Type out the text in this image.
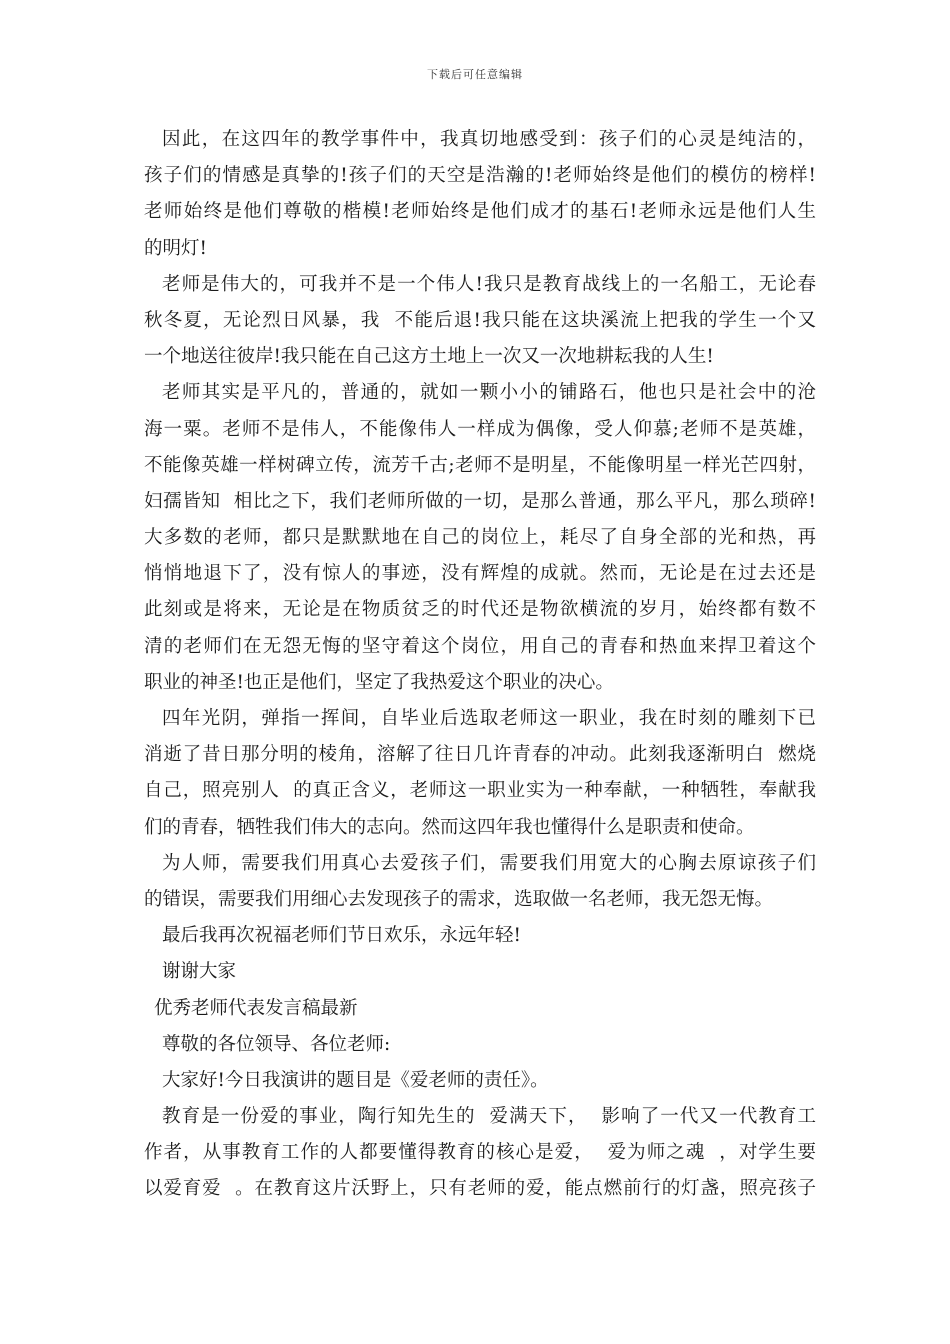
下载后可任意编辑
因此，在这四年的教学事件中，我真切地感受到：孩子们的心灵是纯洁的，
孩子们的情感是真挚的!孩子们的天空是浩瀚的!老师始终是他们的模仿的榜样!
老师始终是他们尊敬的楷模!老师始终是他们成才的基石!老师永远是他们人生
的明灯!
老师是伟大的，可我并不是一个伟人!我只是教育战线上的一名船工，无论春
秋冬夏，无论烈日风暴，我  不能后退!我只能在这块溪流上把我的学生一个又
一个地送往彼岸!我只能在自己这方土地上一次又一次地耕耘我的人生!
老师其实是平凡的，普通的，就如一颗小小的铺路石，他也只是社会中的沧
海一粟。老师不是伟人，不能像伟人一样成为偶像，受人仰慕;老师不是英雄，
不能像英雄一样树碑立传，流芳千古;老师不是明星，不能像明星一样光芒四射，
妇孺皆知  相比之下，我们老师所做的一切，是那么普通，那么平凡，那么琐碎!
大多数的老师，都只是默默地在自己的岗位上，耗尽了自身全部的光和热，再
悄悄地退下了，没有惊人的事迹，没有辉煌的成就。然而，无论是在过去还是
此刻或是将来，无论是在物质贫乏的时代还是物欲横流的岁月，始终都有数不
清的老师们在无怨无悔的坚守着这个岗位，用自己的青春和热血来捍卫着这个
职业的神圣!也正是他们，坚定了我热爱这个职业的决心。
四年光阴，弹指一挥间，自毕业后选取老师这一职业，我在时刻的雕刻下已
消逝了昔日那分明的棱角，溶解了往日几许青春的冲动。此刻我逐渐明白  燃烧
自己，照亮别人  的真正含义，老师这一职业实为一种奉献，一种牺牲，奉献我
们的青春，牺牲我们伟大的志向。然而这四年我也懂得什么是职责和使命。
为人师，需要我们用真心去爱孩子们，需要我们用宽大的心胸去原谅孩子们
的错误，需要我们用细心去发现孩子的需求，选取做一名老师，我无怨无悔。
最后我再次祝福老师们节日欢乐，永远年轻!
谢谢大家
优秀老师代表发言稿最新
尊敬的各位领导、各位老师:
大家好!今日我演讲的题目是《爱老师的责任》。
教育是一份爱的事业，陶行知先生的  爱满天下，  影响了一代又一代教育工
作者，从事教育工作的人都要懂得教育的核心是爱，  爱为师之魂  ，对学生要
以爱育爱  。在教育这片沃野上，只有老师的爱，能点燃前行的灯盏，照亮孩子
